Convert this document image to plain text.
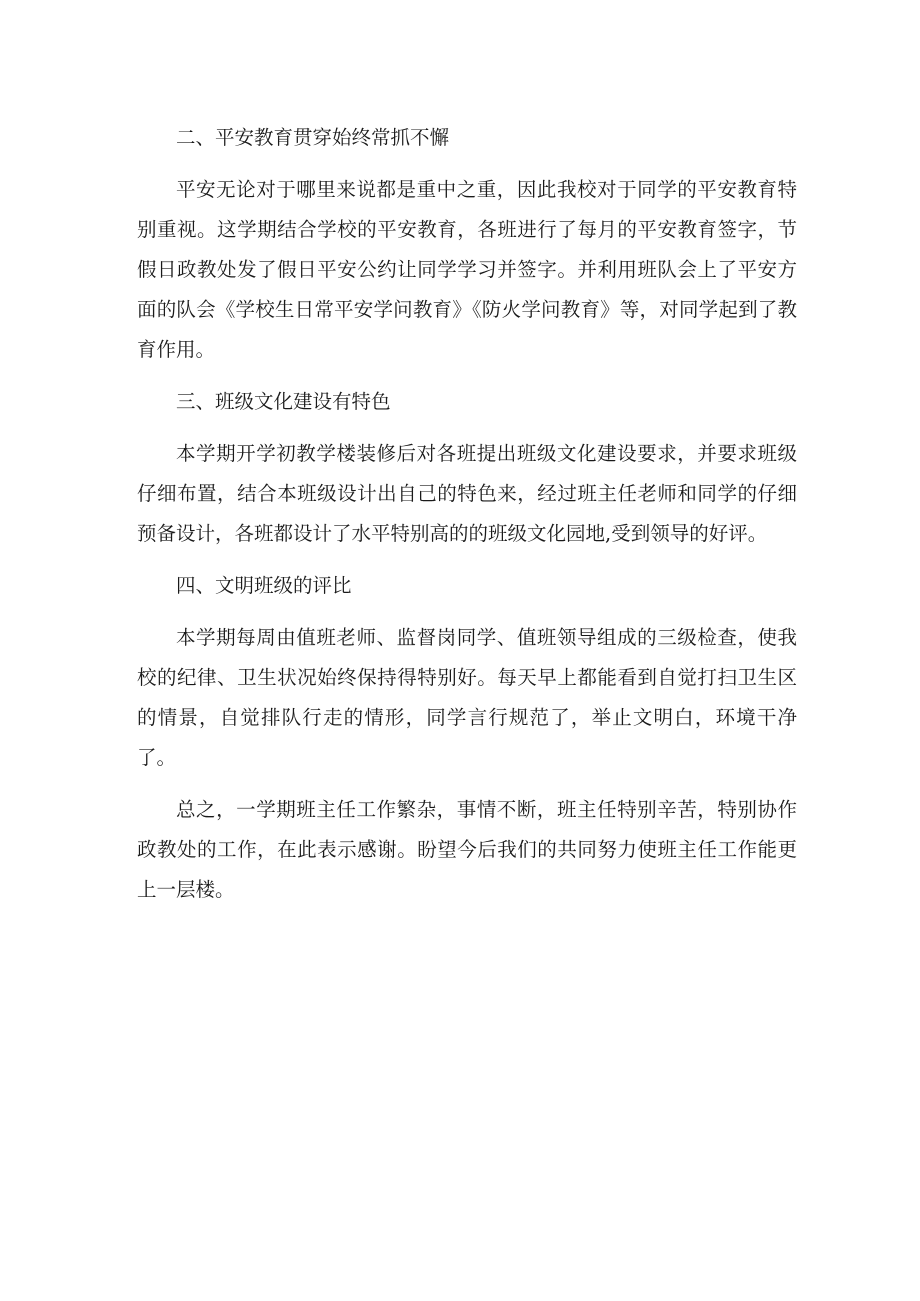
二、平安教育贯穿始终常抓不懈

平安无论对于哪里来说都是重中之重，因此我校对于同学的平安教育特别重视。这学期结合学校的平安教育，各班进行了每月的平安教育签字，节假日政教处发了假日平安公约让同学学习并签字。并利用班队会上了平安方面的队会《学校生日常平安学问教育》《防火学问教育》等，对同学起到了教育作用。

三、班级文化建设有特色

本学期开学初教学楼装修后对各班提出班级文化建设要求，并要求班级仔细布置，结合本班级设计出自己的特色来，经过班主任老师和同学的仔细预备设计，各班都设计了水平特别高的的班级文化园地,受到领导的好评。

四、文明班级的评比

本学期每周由值班老师、监督岗同学、值班领导组成的三级检查，使我校的纪律、卫生状况始终保持得特别好。每天早上都能看到自觉打扫卫生区的情景，自觉排队行走的情形，同学言行规范了，举止文明白，环境干净了。

总之，一学期班主任工作繁杂，事情不断，班主任特别辛苦，特别协作政教处的工作，在此表示感谢。盼望今后我们的共同努力使班主任工作能更上一层楼。
